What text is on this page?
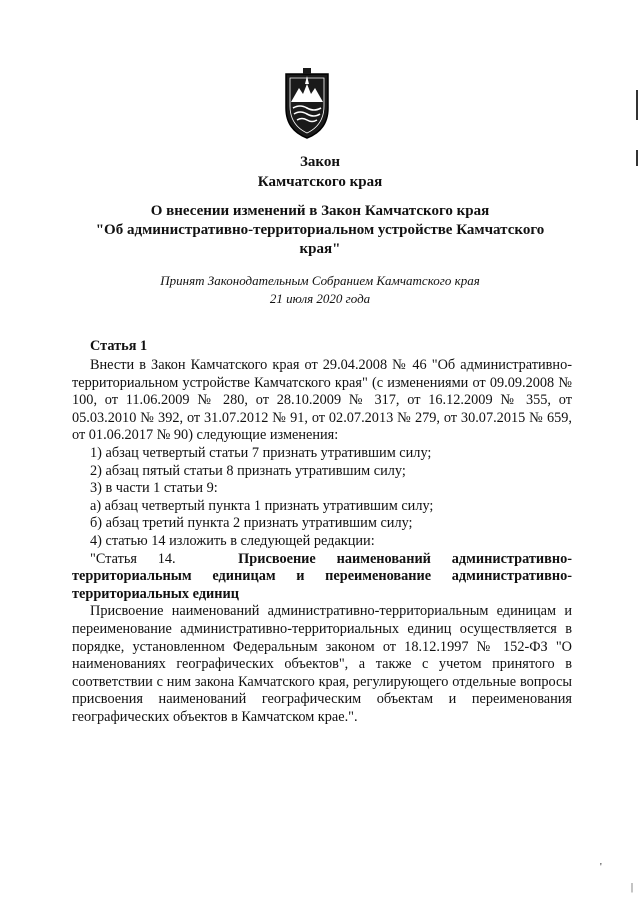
Закон
Камчатского края
О внесении изменений в Закон Камчатского края
"Об административно-территориальном устройстве Камчатского
края"
Принят Законодательным Собранием Камчатского края
21 июля 2020 года
Статья 1

Внести в Закон Камчатского края от 29.04.2008 № 46 "Об административно-территориальном устройстве Камчатского края" (с изменениями от 09.09.2008 № 100, от 11.06.2009 № 280, от 28.10.2009 № 317, от 16.12.2009 № 355, от 05.03.2010 № 392, от 31.07.2012 № 91, от 02.07.2013 № 279, от 30.07.2015 № 659, от 01.06.2017 № 90) следующие изменения:

1) абзац четвертый статьи 7 признать утратившим силу;

2) абзац пятый статьи 8 признать утратившим силу;

3) в части 1 статьи 9:

а) абзац четвертый пункта 1 признать утратившим силу;

б) абзац третий пункта 2 признать утратившим силу;

4) статью 14 изложить в следующей редакции:

"Статья 14.	Присвоение наименований административно-территориальным единицам и переименование административно-территориальных единиц

Присвоение наименований административно-территориальным единицам и переименование административно-территориальных единиц осуществляется в порядке, установленном Федеральным законом от 18.12.1997 № 152-ФЗ "О наименованиях географических объектов", а также с учетом принятого в соответствии с ним закона Камчатского края, регулирующего отдельные вопросы присвоения наименований географическим объектам и переименования географических объектов в Камчатском крае.".

'
|
